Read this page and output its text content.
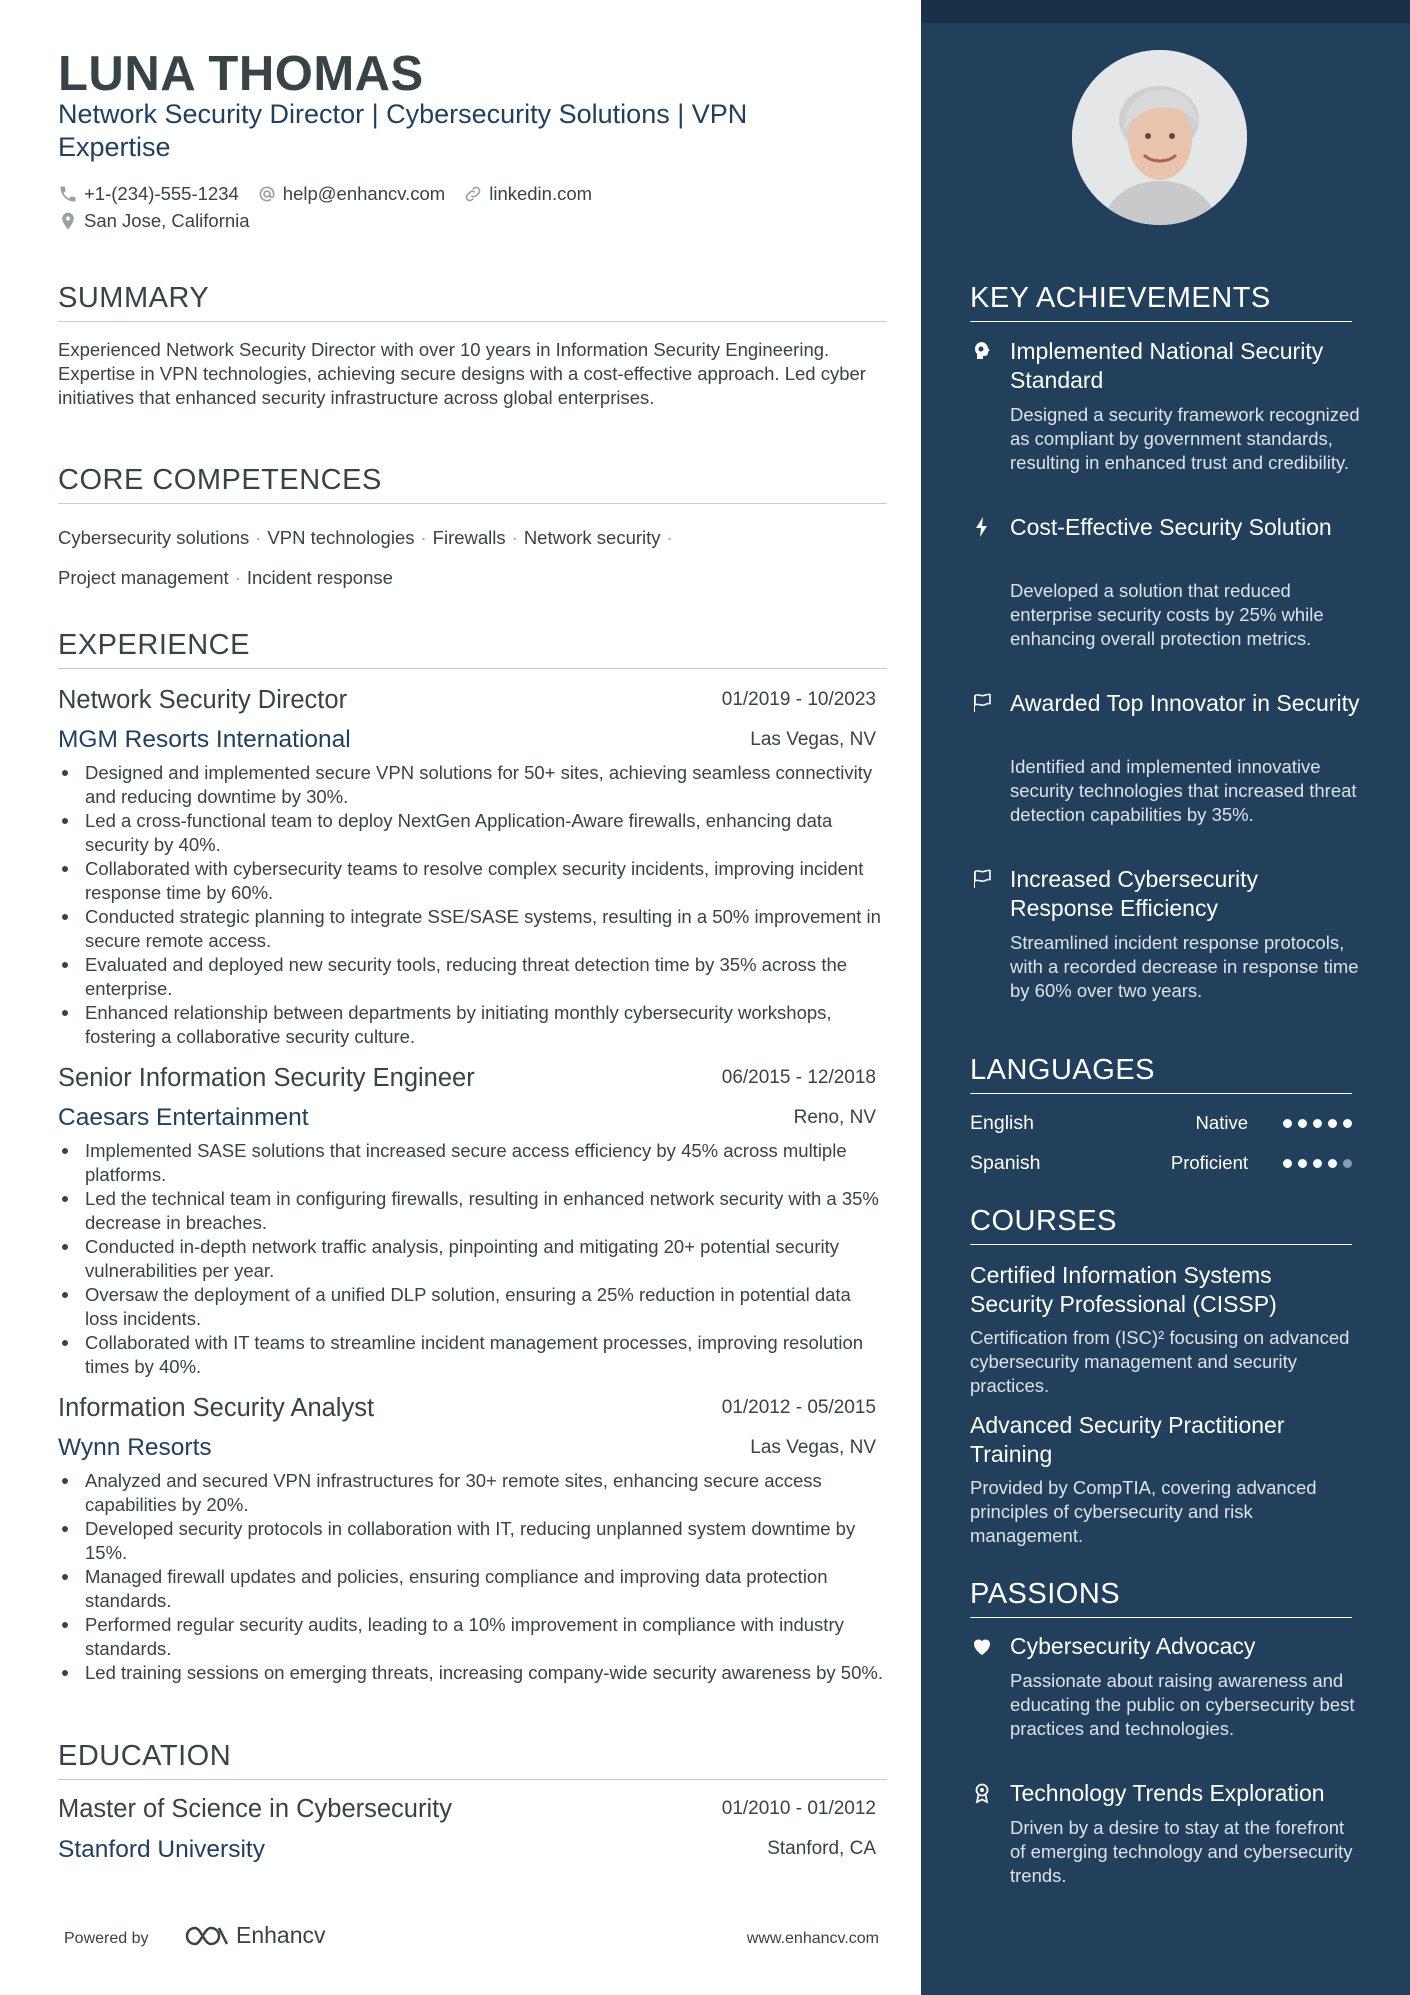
LUNA THOMAS
Network Security Director | Cybersecurity Solutions | VPN Expertise
+1-(234)-555-1234 help@enhancv.com linkedin.com
San Jose, California
SUMMARY
Experienced Network Security Director with over 10 years in Information Security Engineering. Expertise in VPN technologies, achieving secure designs with a cost-effective approach. Led cyber initiatives that enhanced security infrastructure across global enterprises.
CORE COMPETENCES
Cybersecurity solutions · VPN technologies · Firewalls · Network security ·
Project management · Incident response
EXPERIENCE
Network Security Director	01/2019 - 10/2023
MGM Resorts International	Las Vegas, NV
Designed and implemented secure VPN solutions for 50+ sites, achieving seamless connectivity and reducing downtime by 30%.
Led a cross-functional team to deploy NextGen Application-Aware firewalls, enhancing data security by 40%.
Collaborated with cybersecurity teams to resolve complex security incidents, improving incident response time by 60%.
Conducted strategic planning to integrate SSE/SASE systems, resulting in a 50% improvement in secure remote access.
Evaluated and deployed new security tools, reducing threat detection time by 35% across the enterprise.
Enhanced relationship between departments by initiating monthly cybersecurity workshops, fostering a collaborative security culture.
Senior Information Security Engineer	06/2015 - 12/2018
Caesars Entertainment	Reno, NV
Implemented SASE solutions that increased secure access efficiency by 45% across multiple platforms.
Led the technical team in configuring firewalls, resulting in enhanced network security with a 35% decrease in breaches.
Conducted in-depth network traffic analysis, pinpointing and mitigating 20+ potential security vulnerabilities per year.
Oversaw the deployment of a unified DLP solution, ensuring a 25% reduction in potential data loss incidents.
Collaborated with IT teams to streamline incident management processes, improving resolution times by 40%.
Information Security Analyst	01/2012 - 05/2015
Wynn Resorts	Las Vegas, NV
Analyzed and secured VPN infrastructures for 30+ remote sites, enhancing secure access capabilities by 20%.
Developed security protocols in collaboration with IT, reducing unplanned system downtime by 15%.
Managed firewall updates and policies, ensuring compliance and improving data protection standards.
Performed regular security audits, leading to a 10% improvement in compliance with industry standards.
Led training sessions on emerging threats, increasing company-wide security awareness by 50%.
EDUCATION
Master of Science in Cybersecurity	01/2010 - 01/2012
Stanford University	Stanford, CA
Powered by	Enhancv	www.enhancv.com
KEY ACHIEVEMENTS
Implemented National Security Standard
Designed a security framework recognized as compliant by government standards, resulting in enhanced trust and credibility.
Cost-Effective Security Solution
Developed a solution that reduced enterprise security costs by 25% while enhancing overall protection metrics.
Awarded Top Innovator in Security
Identified and implemented innovative security technologies that increased threat detection capabilities by 35%.
Increased Cybersecurity Response Efficiency
Streamlined incident response protocols, with a recorded decrease in response time by 60% over two years.
LANGUAGES
English	Native
Spanish	Proficient
COURSES
Certified Information Systems Security Professional (CISSP)
Certification from (ISC)² focusing on advanced cybersecurity management and security practices.
Advanced Security Practitioner Training
Provided by CompTIA, covering advanced principles of cybersecurity and risk management.
PASSIONS
Cybersecurity Advocacy
Passionate about raising awareness and educating the public on cybersecurity best practices and technologies.
Technology Trends Exploration
Driven by a desire to stay at the forefront of emerging technology and cybersecurity trends.
